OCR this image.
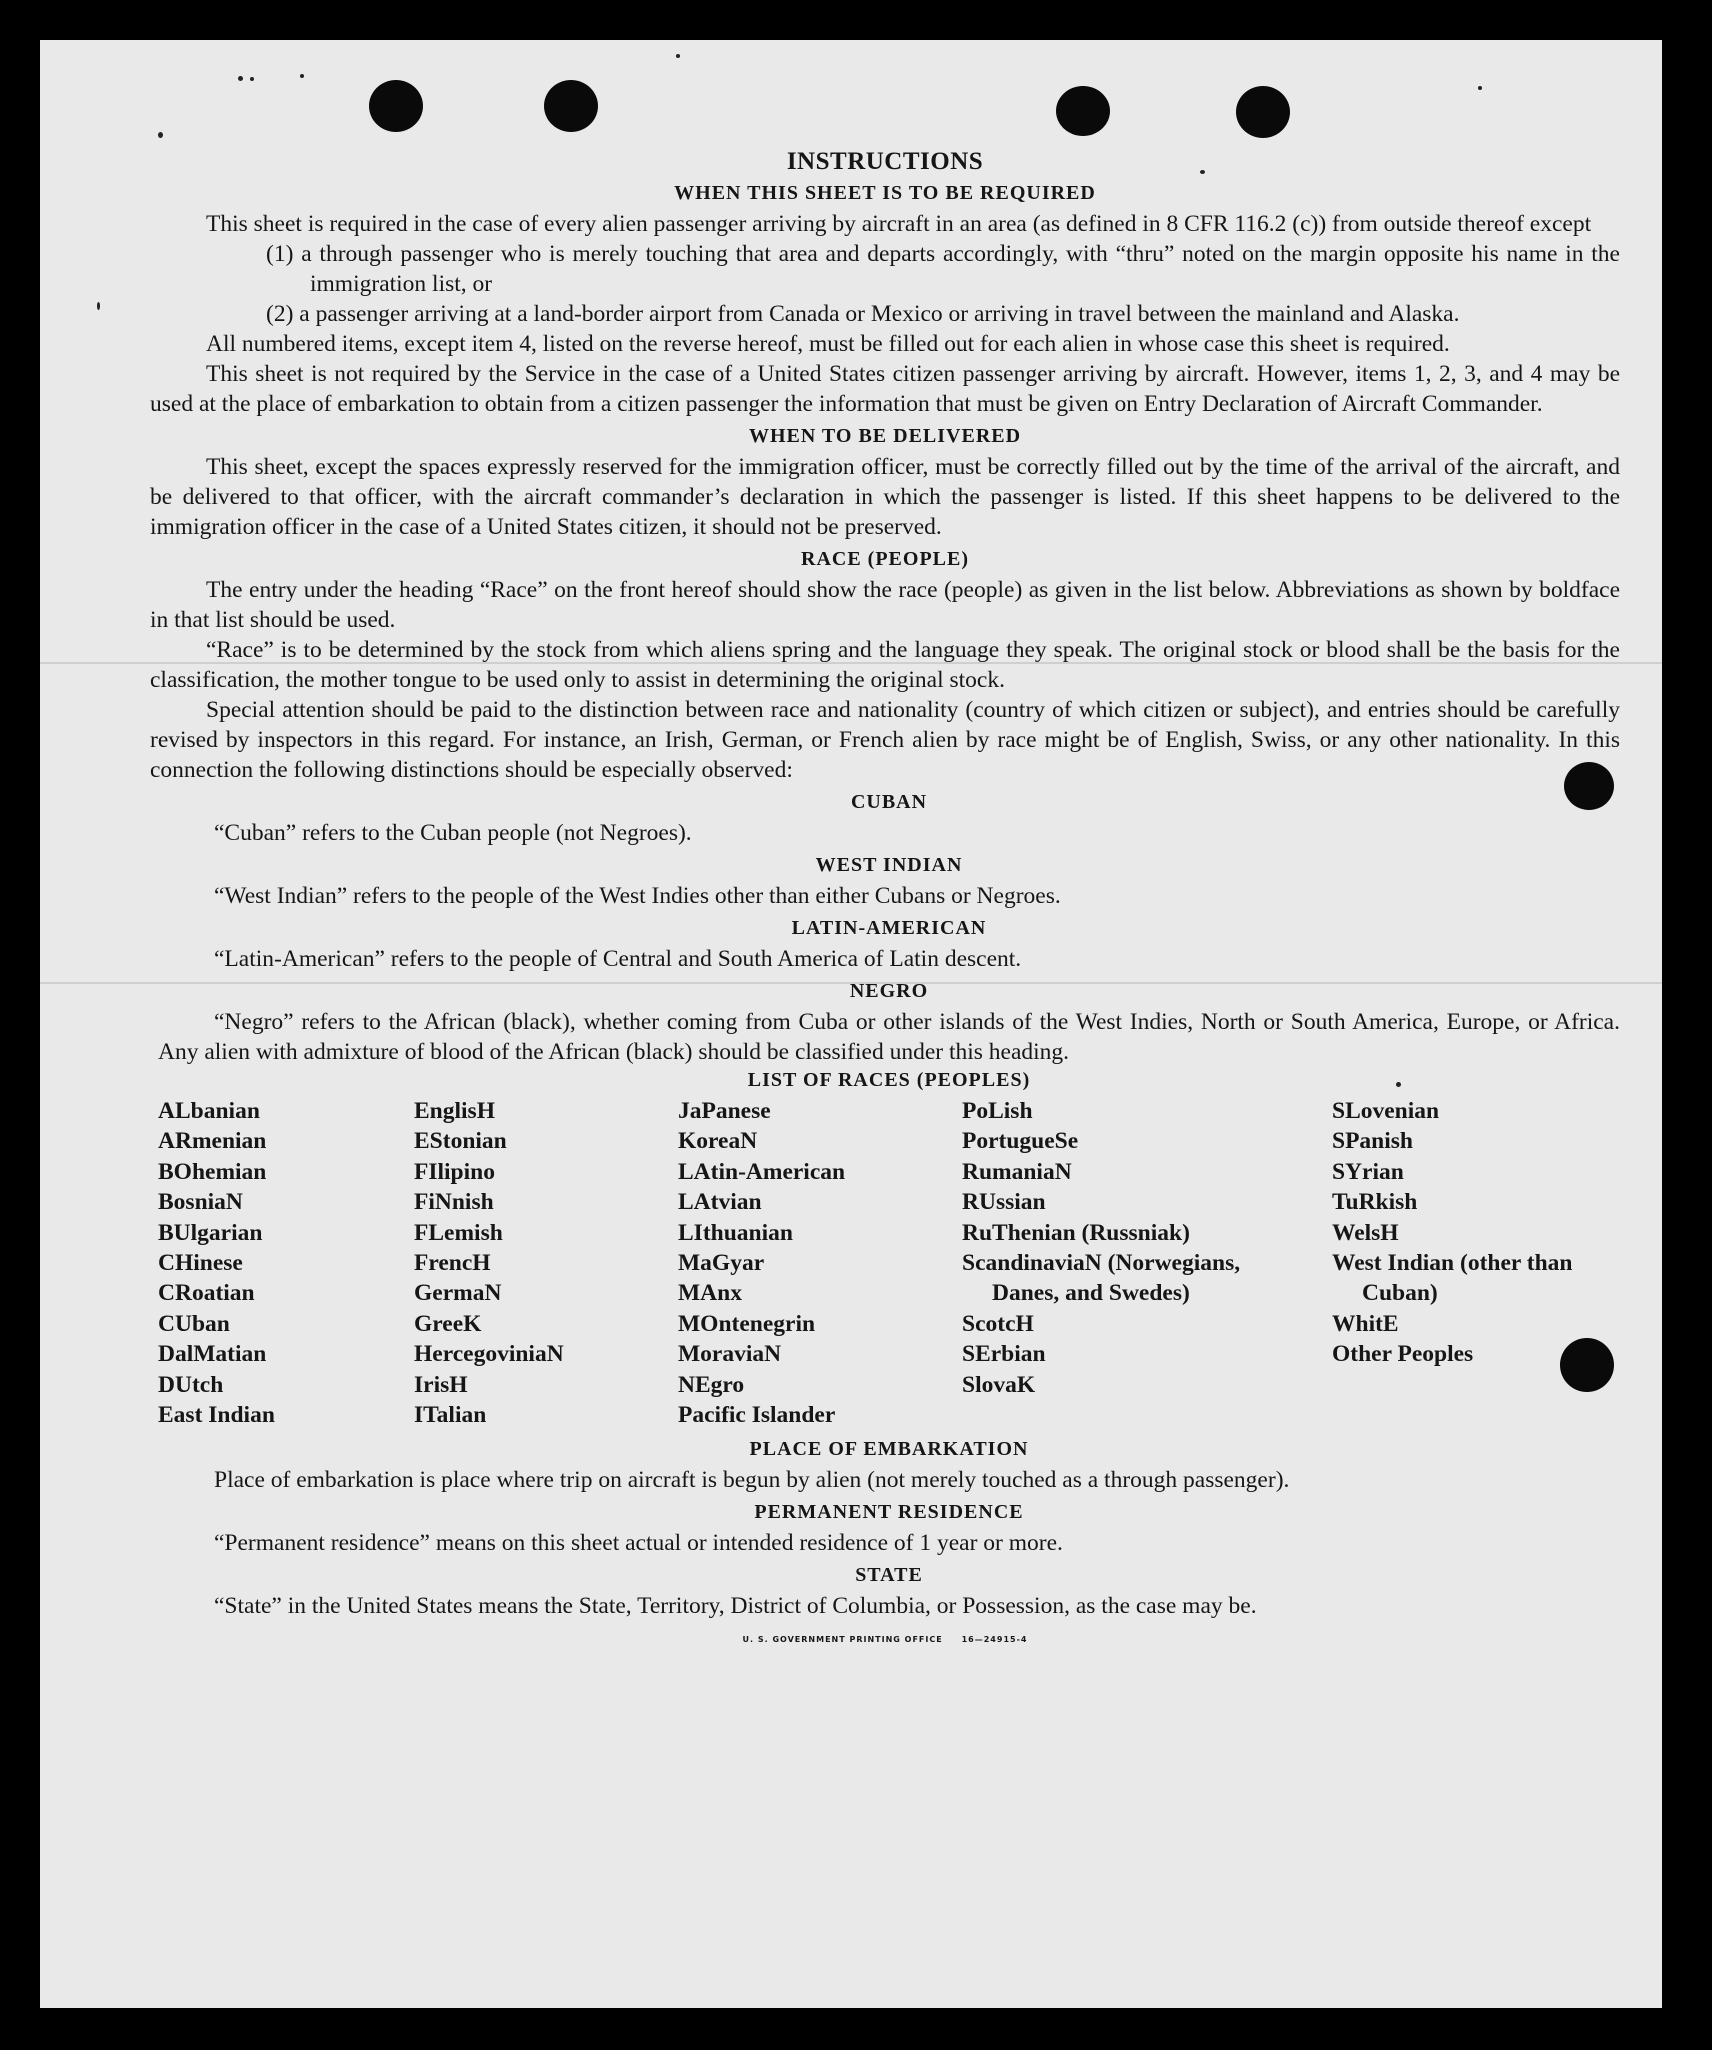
INSTRUCTIONS
WHEN THIS SHEET IS TO BE REQUIRED

This sheet is required in the case of every alien passenger arriving by aircraft in an area (as defined in 8 CFR 116.2 (c)) from outside thereof except

(1) a through passenger who is merely touching that area and departs accordingly, with “thru” noted on the margin opposite his name in the immigration list, or

(2) a passenger arriving at a land-border airport from Canada or Mexico or arriving in travel between the mainland and Alaska.

All numbered items, except item 4, listed on the reverse hereof, must be filled out for each alien in whose case this sheet is required.

This sheet is not required by the Service in the case of a United States citizen passenger arriving by aircraft. However, items 1, 2, 3, and 4 may be used at the place of embarkation to obtain from a citizen passenger the information that must be given on Entry Declaration of Aircraft Commander.

WHEN TO BE DELIVERED

This sheet, except the spaces expressly reserved for the immigration officer, must be correctly filled out by the time of the arrival of the aircraft, and be delivered to that officer, with the aircraft commander’s declaration in which the passenger is listed. If this sheet happens to be delivered to the immigration officer in the case of a United States citizen, it should not be preserved.

RACE (PEOPLE)

The entry under the heading “Race” on the front hereof should show the race (people) as given in the list below. Abbreviations as shown by boldface in that list should be used.

“Race” is to be determined by the stock from which aliens spring and the language they speak. The original stock or blood shall be the basis for the classification, the mother tongue to be used only to assist in determining the original stock.

Special attention should be paid to the distinction between race and nationality (country of which citizen or subject), and entries should be carefully revised by inspectors in this regard. For instance, an Irish, German, or French alien by race might be of English, Swiss, or any other nationality. In this connection the following distinctions should be especially observed:

CUBAN

“Cuban” refers to the Cuban people (not Negroes).

WEST INDIAN

“West Indian” refers to the people of the West Indies other than either Cubans or Negroes.

LATIN-AMERICAN

“Latin-American” refers to the people of Central and South America of Latin descent.

NEGRO

“Negro” refers to the African (black), whether coming from Cuba or other islands of the West Indies, North or South America, Europe, or Africa. Any alien with admixture of blood of the African (black) should be classified under this heading.

LIST OF RACES (PEOPLES)
ALbanian
ARmenian
BOhemian
BosniaN
BUlgarian
CHinese
CRoatian
CUban
DalMatian
DUtch
East Indian
EnglisH
EStonian
FIlipino
FiNnish
FLemish
FrencH
GermaN
GreeK
HercegoviniaN
IrisH
ITalian
JaPanese
KoreaN
LAtin-American
LAtvian
LIthuanian
MaGyar
MAnx
MOntenegrin
MoraviaN
NEgro
Pacific Islander
PoLish
PortugueSe
RumaniaN
RUssian
RuThenian (Russniak)
ScandinaviaN (Norwegians, Danes, and Swedes)
ScotcH
SErbian
SlovaK
SLovenian
SPanish
SYrian
TuRkish
WelsH
West Indian (other than Cuban)
WhitE
Other Peoples
PLACE OF EMBARKATION

Place of embarkation is place where trip on aircraft is begun by alien (not merely touched as a through passenger).

PERMANENT RESIDENCE

“Permanent residence” means on this sheet actual or intended residence of 1 year or more.

STATE

“State” in the United States means the State, Territory, District of Columbia, or Possession, as the case may be.

U. S. GOVERNMENT PRINTING OFFICE     16—24915-4
